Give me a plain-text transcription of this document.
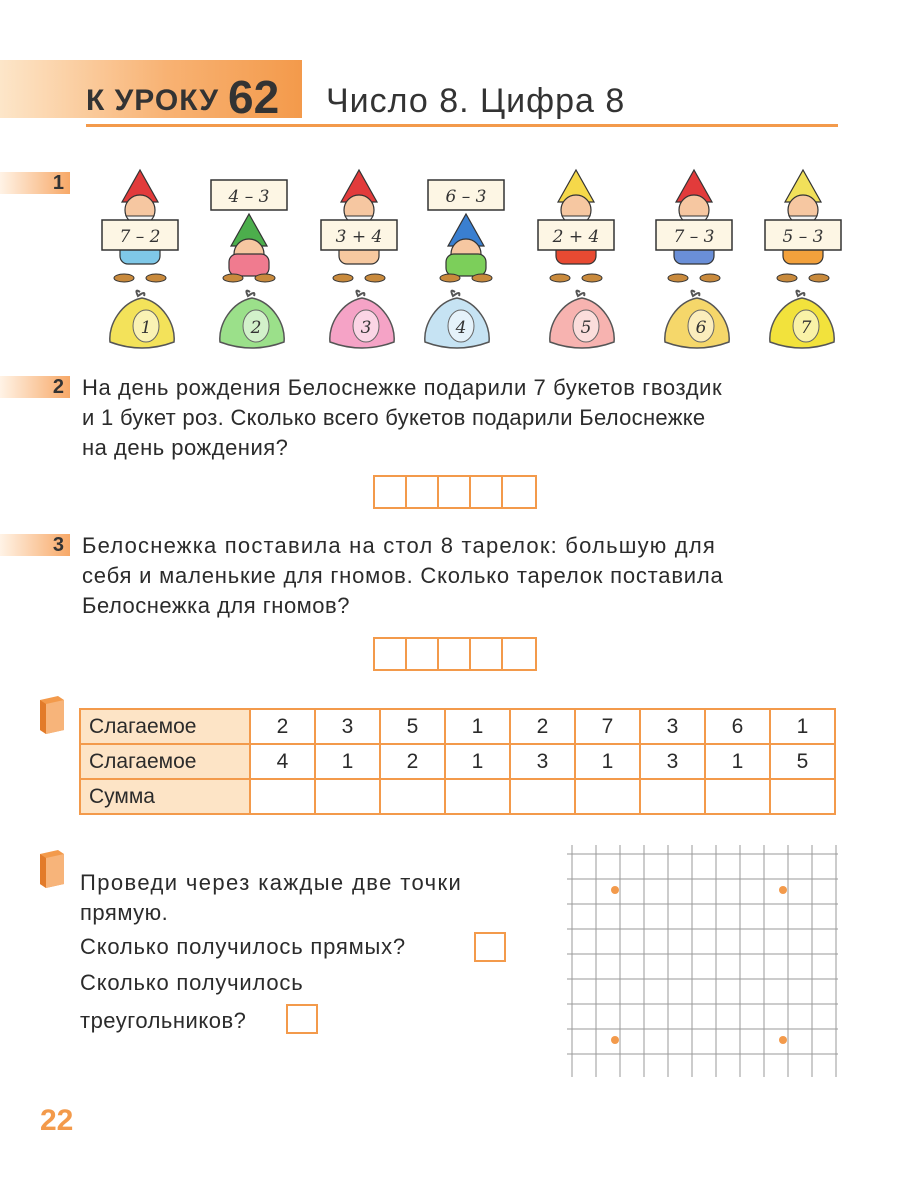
К УРОКУ 62 Число 8. Цифра 8
1
7 – 2
4 – 3
3 + 4
6 – 3
2 + 4	7 – 3	5 – 3
1	2	3	4	5	6	7
2 На день рождения Белоснежке подарили 7 букетов гвоздик
и 1 букет роз. Сколько всего букетов подарили Белоснежке
на день рождения?
3 Белоснежка поставила на стол 8 тарелок: большую для
себя и маленькие для гномов. Сколько тарелок поставила
Белоснежка для гномов?
Слагаемое	2	3	5	1	2	7	3	6	1
Слагаемое	4	1	2	1	3	1	3	1	5
Сумма									
Проведи через каждые две точки
прямую.
Сколько получилось прямых?
Сколько получилось
треугольников?
22
